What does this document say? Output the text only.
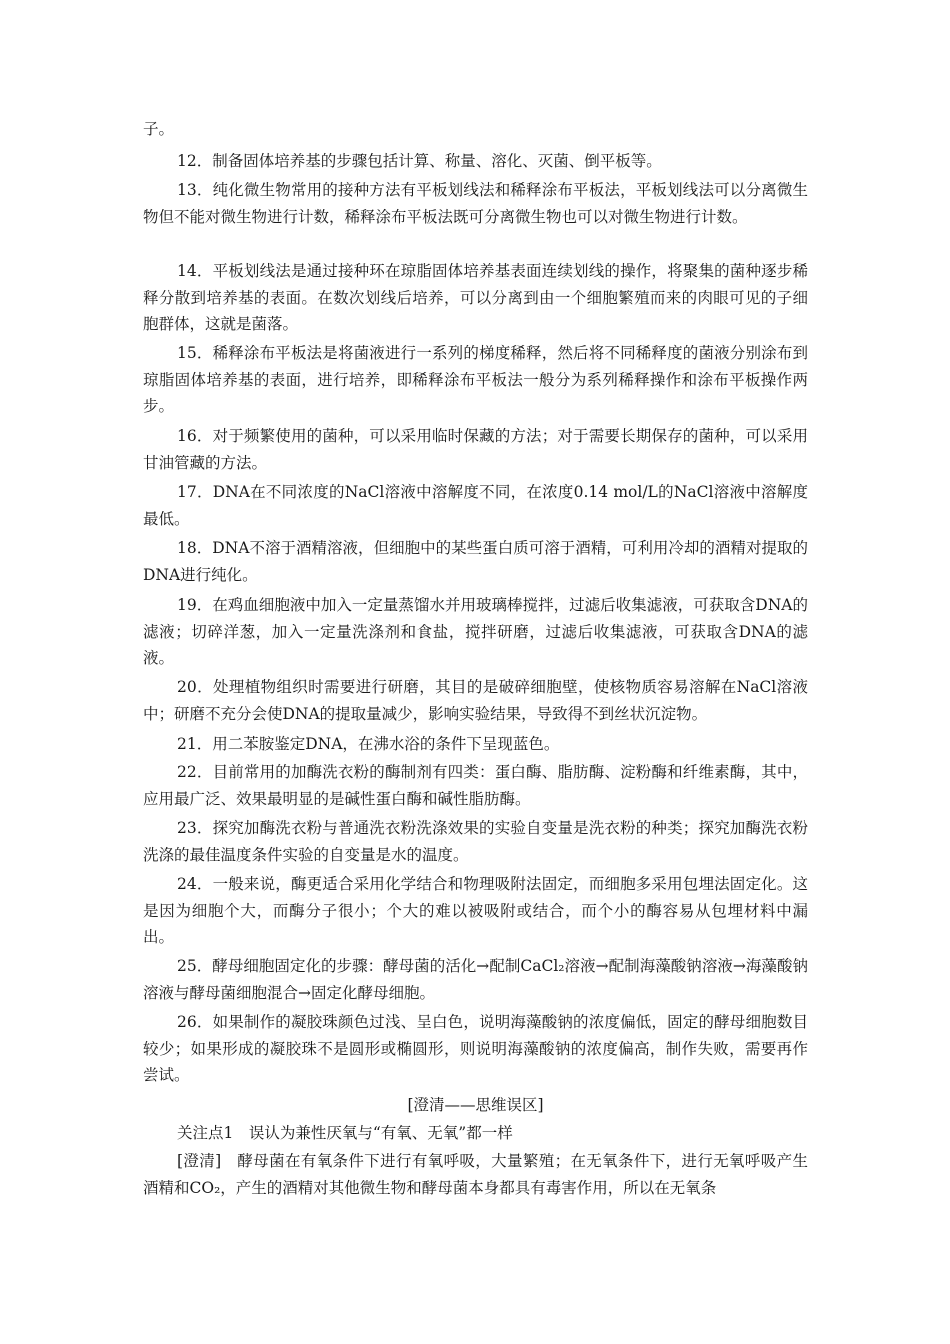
子。

12．制备固体培养基的步骤包括计算、称量、溶化、灭菌、倒平板等。

13．纯化微生物常用的接种方法有平板划线法和稀释涂布平板法，平板划线法可以分离微生物但不能对微生物进行计数，稀释涂布平板法既可分离微生物也可以对微生物进行计数。

14．平板划线法是通过接种环在琼脂固体培养基表面连续划线的操作，将聚集的菌种逐步稀释分散到培养基的表面。在数次划线后培养，可以分离到由一个细胞繁殖而来的肉眼可见的子细胞群体，这就是菌落。

15．稀释涂布平板法是将菌液进行一系列的梯度稀释，然后将不同稀释度的菌液分别涂布到琼脂固体培养基的表面，进行培养，即稀释涂布平板法一般分为系列稀释操作和涂布平板操作两步。

16．对于频繁使用的菌种，可以采用临时保藏的方法；对于需要长期保存的菌种，可以采用甘油管藏的方法。

17．DNA在不同浓度的NaCl溶液中溶解度不同，在浓度0.14 mol/L的NaCl溶液中溶解度最低。

18．DNA不溶于酒精溶液，但细胞中的某些蛋白质可溶于酒精，可利用冷却的酒精对提取的DNA进行纯化。

19．在鸡血细胞液中加入一定量蒸馏水并用玻璃棒搅拌，过滤后收集滤液，可获取含DNA的滤液；切碎洋葱，加入一定量洗涤剂和食盐，搅拌研磨，过滤后收集滤液，可获取含DNA的滤液。

20．处理植物组织时需要进行研磨，其目的是破碎细胞壁，使核物质容易溶解在NaCl溶液中；研磨不充分会使DNA的提取量减少，影响实验结果，导致得不到丝状沉淀物。

21．用二苯胺鉴定DNA，在沸水浴的条件下呈现蓝色。

22．目前常用的加酶洗衣粉的酶制剂有四类：蛋白酶、脂肪酶、淀粉酶和纤维素酶，其中，应用最广泛、效果最明显的是碱性蛋白酶和碱性脂肪酶。

23．探究加酶洗衣粉与普通洗衣粉洗涤效果的实验自变量是洗衣粉的种类；探究加酶洗衣粉洗涤的最佳温度条件实验的自变量是水的温度。

24．一般来说，酶更适合采用化学结合和物理吸附法固定，而细胞多采用包埋法固定化。这是因为细胞个大，而酶分子很小；个大的难以被吸附或结合，而个小的酶容易从包埋材料中漏出。

25．酵母细胞固定化的步骤：酵母菌的活化→配制CaCl₂溶液→配制海藻酸钠溶液→海藻酸钠溶液与酵母菌细胞混合→固定化酵母细胞。

26．如果制作的凝胶珠颜色过浅、呈白色，说明海藻酸钠的浓度偏低，固定的酵母细胞数目较少；如果形成的凝胶珠不是圆形或椭圆形，则说明海藻酸钠的浓度偏高，制作失败，需要再作尝试。

[澄清——思维误区]

关注点1　误认为兼性厌氧与“有氧、无氧”都一样

[澄清]　酵母菌在有氧条件下进行有氧呼吸，大量繁殖；在无氧条件下，进行无氧呼吸产生酒精和CO₂，产生的酒精对其他微生物和酵母菌本身都具有毒害作用，所以在无氧条
